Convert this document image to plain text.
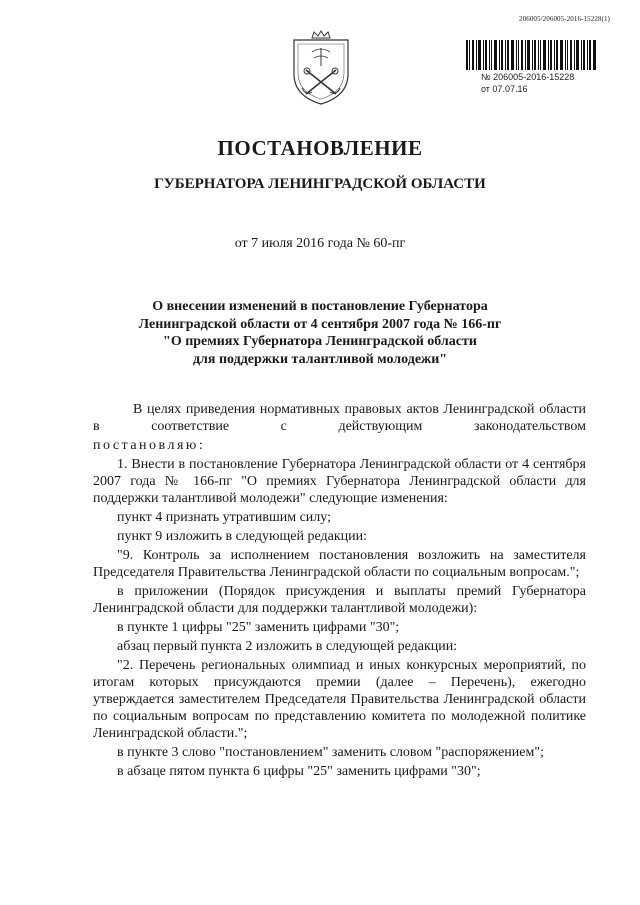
206005/206005-2016-15228(1)
№ 206005-2016-15228
от 07.07.16
ПОСТАНОВЛЕНИЕ
ГУБЕРНАТОРА ЛЕНИНГРАДСКОЙ ОБЛАСТИ
от 7 июля 2016 года № 60-пг
О внесении изменений в постановление Губернатора
Ленинградской области от 4 сентября 2007 года № 166-пг
"О премиях Губернатора Ленинградской области
для поддержки талантливой молодежи"

В целях приведения нормативных правовых актов Ленинградской области в соответствие с действующим законодательством

постановляю:

1. Внести в постановление Губернатора Ленинградской области от 4 сентября 2007 года № 166-пг "О премиях Губернатора Ленинградской области для поддержки талантливой молодежи" следующие изменения:

пункт 4 признать утратившим силу;

пункт 9 изложить в следующей редакции:

"9. Контроль за исполнением постановления возложить на заместителя Председателя Правительства Ленинградской области по социальным вопросам.";

в приложении (Порядок присуждения и выплаты премий Губернатора Ленинградской области для поддержки талантливой молодежи):

в пункте 1 цифры "25" заменить цифрами "30";

абзац первый пункта 2 изложить в следующей редакции:

"2. Перечень региональных олимпиад и иных конкурсных мероприятий, по итогам которых присуждаются премии (далее – Перечень), ежегодно утверждается заместителем Председателя Правительства Ленинградской области по социальным вопросам по представлению комитета по молодежной политике Ленинградской области.";

в пункте 3 слово "постановлением" заменить словом "распоряжением";

в абзаце пятом пункта 6 цифры "25" заменить цифрами "30";
